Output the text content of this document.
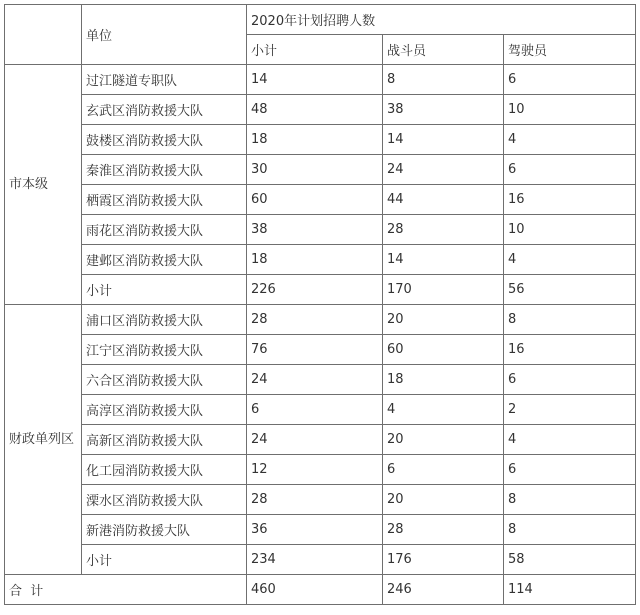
	单位	2020年计划招聘人数		
		小计	战斗员	驾驶员
市本级	过江隧道专职队	14	8	6
	玄武区消防救援大队	48	38	10
	鼓楼区消防救援大队	18	14	4
	秦淮区消防救援大队	30	24	6
	栖霞区消防救援大队	60	44	16
	雨花区消防救援大队	38	28	10
	建邺区消防救援大队	18	14	4
	小计	226	170	56
财政单列区	浦口区消防救援大队	28	20	8
	江宁区消防救援大队	76	60	16
	六合区消防救援大队	24	18	6
	高淳区消防救援大队	6	4	2
	高新区消防救援大队	24	20	4
	化工园消防救援大队	12	6	6
	溧水区消防救援大队	28	20	8
	新港消防救援大队	36	28	8
	小计	234	176	58
合  计		460	246	114
